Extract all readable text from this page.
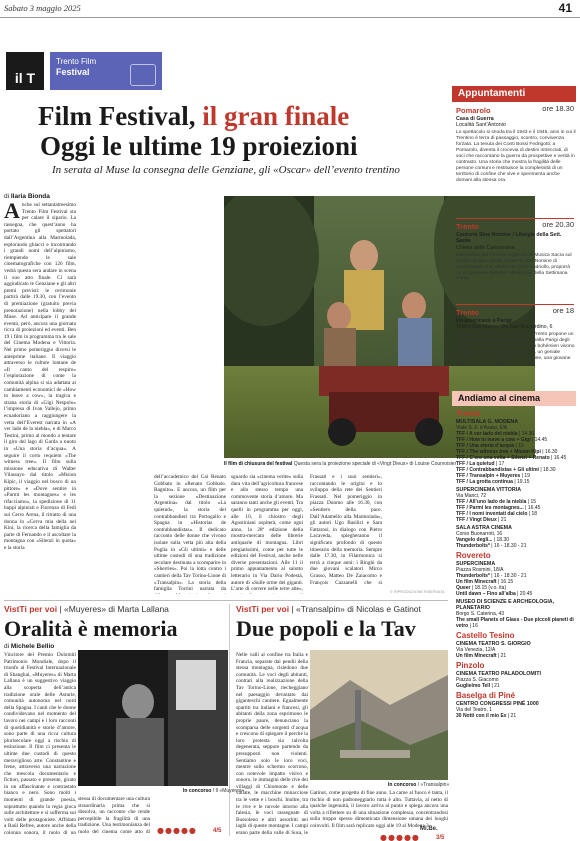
Sabato 3 maggio 2025	41
il T
Trento Film
Festival
Film Festival, il gran finale
Oggi le ultime 19 proiezioni
In serata al Muse la consegna delle Genziane, gli «Oscar» dell’evento trentino
di Ilaria Bionda
Anche sul settantatreesimo Trento Film Festival sta per calare il sipario. La rassegna, che quest’anno ha portato gli spettatori dall’Argentina alla Marmolada, esplorando ghiacci e incontrando i grandi nomi dell’alpinismo, riempiendo le sale cinematografiche con 126 film, vedrà questa sera andare in scena il suo atto finale. Ci sarà aggiudicato le Genziane e gli altri premi previsti: le cerimonie partirà dalle 19.30, con l’evento di premiazione (gratuito previa prenotazione) nella lobby del Muse. Ad anticipare il grande evento, però, ancora una giornata ricca di proiezioni ed eventi. Ben 19 i film in programma tra le sale del Cinema Modena e Vittoria. Nel primo pomeriggio diversi le anteprime italiane. Il viaggio attraverso le culture lontane de «Il canto del respiro» l’esplorazione di come la comunità alpina si sia adattata ai cambiamenti economici de «How to leave a cow», la tragica e strana storia di «Gigi Nespolo» l’impresa di Ivan Vallejo, primo ecuadoriano a raggiungere la vetta dell’Everest narrata in «A ver lado de la niebla», e di Marco Testini, primo al mondo a tentare il giro del lago di Garda a nuoto in «Una storia d’acqua». A seguire il corto requiem «The witness tree». Il film sulla missione educativa di Walter Vilassayo dal titolo «Mision Kipic, il viaggio nel bosco di un pittore» e «Dove sentire in «Parmi les montagnes» e les rifacciamo», la spedizione di 11 huppi alpinisti e Fiorenzo di Fedi sul Cerro Arena, il ritratto di una donna in «Cerva mia della nei Kini, la ricerca della famiglia da parte di Fernando e il ascoltare la montagna con «Silenzi in quota» e la storia
Il film di chiusura del festival Questa sera la proiezione speciale di «Vingt Dieux» di Louise Courvoisier
dell’accademico del Cai Renato Gobbato in «Renato Gobbato. Ragnito». E ancora, un film per la sezione «Destinazione Argentina» dal titolo «La quietud», la storia del contrabbandieri tra Portogallo e Spagna in «Historias de contrabbandistas». Il dedicato racconto delle donne che vivono isolate sulla vetta più alta della Puglia in «Gli ultimi» e delle ultime custodi di una tradizione secolare destinata a scomparire in «Sherries». Poi la lotta contro i cantieri della Tav Torino-Lione di «Transalpin». La storia della famiglia Torrini narrata da
sguardo sia «cinema verite» sulla dura vita dell’agricoltura francese e allo stesso tempo una commovente storia d’amore. Ma saranno tanti anche gli eventi. Tra quelli in programma per oggi, alle 10, il chiostro degli Agostiniani ospiterà, come ogni anno, la 28ª edizione della mostra-mercato delle librerie antiquarie di montagna. Libri pregiatissimi, come per tutte le edizioni del Festival, anche nelle diverse presentazioni. Alle 11 il primo appuntamento al salotto letterario in Via Dario Podestà, autore di «Sulle orme dei giganti. L’arte di correre nelle terre alte»,
Frassati e i suoi sentieri», raccontando le origini e lo sviluppo della rete dei Sentieri Frassati. Nel pomeriggio in piazza Duomo alle 16.30, con «Sentiero della pace. Dall’Adamello alla Marmolada», gli autori Ugo Basilici e Sara Fattarosi, in dialogo con Pietro Lacaveda, spiegheranno il significato profondo di questo itinerario della memoria. Sempre dalle 17.30, in Filarmonica si terrà a cinque anni: i Ringhi da due giovani scalatori Mirco Grasso, Matteo De Zaiacomo e François Cazzanelli che si
© RIPRODUZIONE RISERVATA
VistTi per voi | «Muyeres» di Marta Lallana
Oralità è memoria
di Michele Bellio
Vincitore del Premio Dolomiti Patrimonio Mondiale, dopo il trionfo al Festival Internazionale di Shanghai, «Muyeres» di Marta Lallana è un suggestivo viaggio alla scoperta dell’antica tradizione orale delle Asturie, comunità autonoma nel nord della Spagna. I canti che le donne condividevano nel momento del lavoro nei campi e i loro racconti di quotidianità e storie d’amore, sono parte di una ricca cultura plurisecolare oggi a rischio di estinzione. Il film ci presenta le ultime due custodi di questo meraviglioso arte. Constantine e Irene, attraverso una narrazione che mescola documentario e fiction, passato e presente, girato in un affascinante e contrastato bianco e nero. Sono molti i momenti di grande poesia, soprattutto quando la regia gioca sulle architetture e si sofferma sui volti delle protagoniste. Affidato a Raúl Refree, autore anche della colonna sonora, il ruolo di un
In concorso / Il «Muyeres»
stessa di documentare una cultura straordinaria prima che si dissolva, un racconto che rende percepibile la fragilità di una tradizione. Una testimonianza del ruolo del cinema come atto di ●●●●●	4/5
VistTi per voi | «Transalpin» di Nicolas e Gatinot
Due popoli e la Tav
Nelle valli al confine tra Italia e Francia, separate dai pendii della stessa montagna, risiedono due comunità. Le voci degli abitanti, contrari alla realizzazione della Tav Torino-Lione, riecheggiano nel paesaggio devastato dai giganteschi cantiere. Egualmente spartiti tra italiani e francesi, gli abitanti della zona esprimono le proprie paure, denunciano la scomparsa delle sorgenti d’acqua e crescono di spiegare il perché la loro protesta sia talvolta degenerata, seppure partendo da presupposti non violenti. Sentiamo solo le loro voci, mentre sullo schermo scorrono, con notevole impatto visivo e sonoro, le immagini delle rive dei villaggi di Chiomonte e delle vallate, le macchine minacciose tra le vette e i boschi. Inoltre, tra le rive e le nuvole intorno alla falesia, le voci rassegnate di Bussoleno e altri assorbiti nei laghi di queste montagne. I campi erano parte della valle di Susa, le
In concorso / «Transalpin»
Gatinot, come progetto di fine anno. La carne al fuoco è tanta, il rischio di non padroneggiarlo tutta è alto. Tuttavia, al netto di qualche ingenuità, il lavoro arriva al punto e spiega ancora una volta a riflettere su di una situazione complessa, concentrandosi sulla troppo spesso dimenticata dimensione umana dei luoghi coinvolti. Il film sarà replicato oggi alle 19 al Modena 3.
Mi.Be.
●●●●●	3/5
Appuntamenti
Pomarolo	ore 18.30
Casa di Guerra
Località Sant’Antonio
Lo spettacolo si snoda tra il 1943 e il 1945, anni in cui il Trentino è terra di passaggio, scontro, convivenza forzata. La tenuta dei Conti Bossi Fedrigotti, a Pomarolo, diventa il crocevia di destini intrecciati, di voci che raccontano la guerra da prospettive e verità in contrasto. Una storia che mostra la fragilità delle persone comuni e restituisce la complessità di un territorio di confine che vive e sperimenta anche domani alla stessa ora.
Trento	ore 20.30
Cantoria Sine Nomine / Liturgie della Sett. Santa
Chiesa delle Canossiane
Nell’ambito del Festival regionale di Musica Sacra sul pulito il gruppo corale Cantoria Sine Nomine di Castelnuovo che, diretto da Carlo Andriollo, proporrà un programma dedicato alle liturgie della Settimana Santa.
Trento	ore 18
Un americano a Parigi
Teatro San Marco, Via San Bernardino, 6
La Fondazione Haydn di Bolzano e Trento propone un concerto interattivo, ovvero un tuffo nella Parigi degli anni 20. Lì, in un affascinante mondo bohémien vivono tre giovani artisti: un pittore di strada, un geniale musicista e un cantante di teatro. Infine, una giovane francese che tutti vorrebbero per sé.
Andiamo al cinema
Trento
MULTISALA G. MODENA
Viale S. F. d’Assisi, 6/A
TFF / A ver lado del niebla | 14.30
TFF / How to leave a cow + Gigi | 14.45
TFF / Una storia d’acqua | 15
TFF / The witness tree + Mision Kipi | 16.30
TFF / C’ero una volta + Silenzi + Renato | 16.45
TFF / La quietud | 17
TFF / Contrabbandistas + Gli ultimi | 18.30
TFF / Transalpin + Muyeres | 19
TFF / La grotta continua | 19.15
SUPERCINEMA VITTORIA
Via Manci, 72
TFF / All’uno lado de la niebla | 15
TFF / Parmi les montagnes... | 16.45
TFF / I nomi inventati dal cielo | 18
TFF / Vingt Dieux | 21
SALA ASTRA CINEMA
Corso Buonarroti, 16
Vangelo degli... | 18.30
Thunderbolts* | 16 - 18.30 - 21
Rovereto
SUPERCINEMA
Piazza Rosmini, 18/A
Thunderbolts* | 16 - 18.30 - 21
Un film Minecraft | 16.15
Queer | 18.15 (v.o. ita)
Until dawn – Fino all’alba | 20.45
MUSEO DI SCIENZE E ARCHEOLOGIA, PLANETARIO
Borgo S. Caterina, 43
The small Planets of Glass - Due piccoli pianeti di vetro | 16
Castello Tesino
CINEMA TEATRO S. GIORGIO
Via Venezia, 12/A
Un film Minecraft | 21
Pinzolo
CINEMA TEATRO PALADOLOMITI
Piazza S. Giacomo
Guglielmo Tell | 21
Baselga di Piné
CENTRO CONGRESSI PINÉ 1000
Via del Teatro, 1
30 Notti con il mio Ex | 21
